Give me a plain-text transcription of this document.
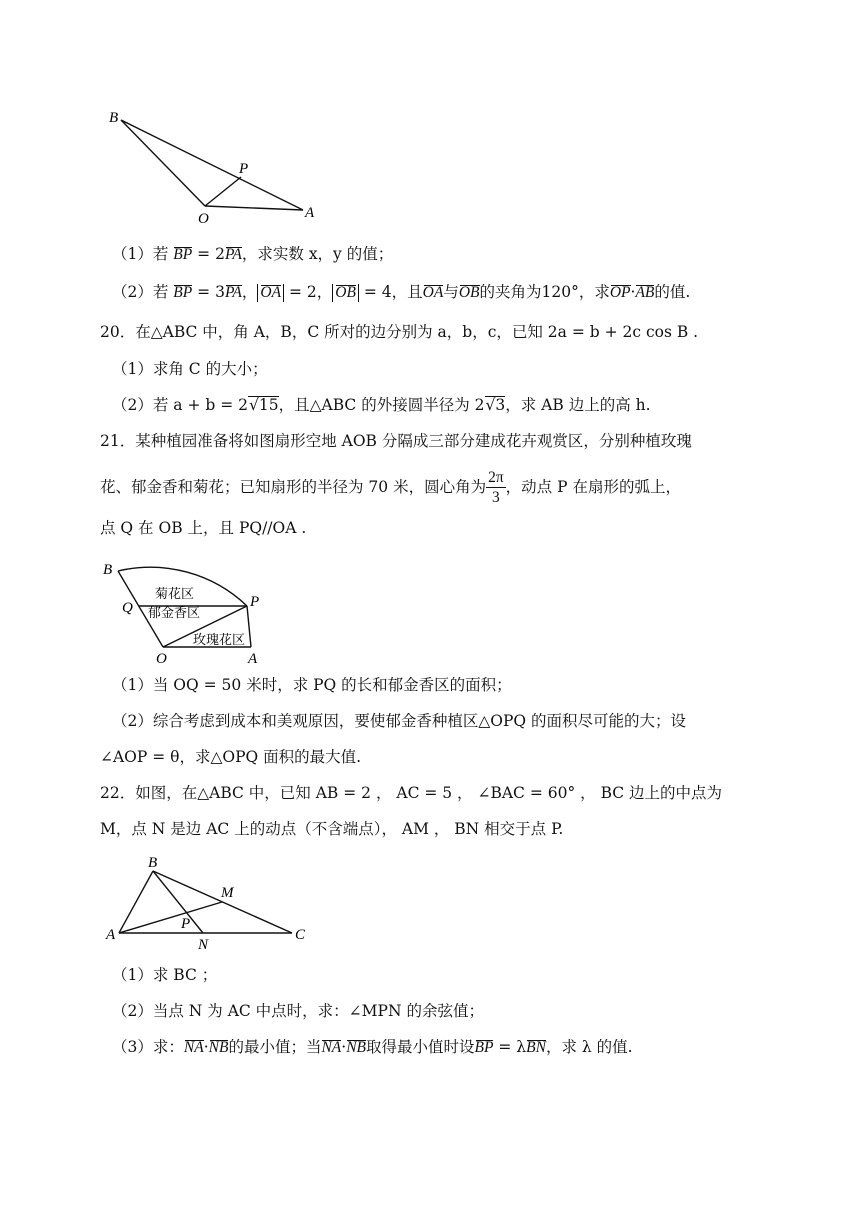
B
P
O	A
（1）若 BP = 2PA，求实数 x，y 的值；
（2）若 BP = 3PA， OA = 2， OB = 4，且OA与OB的夹角为120°，求OP·AB的值.
20．在△ABC 中，角 A，B，C 所对的边分别为 a，b，c，已知 2a = b + 2c cos B .
（1）求角 C 的大小；
（2）若 a + b = 2√15，且△ABC 的外接圆半径为 2√3，求 AB 边上的高 h.
21．某种植园准备将如图扇形空地 AOB 分隔成三部分建成花卉观赏区，分别种植玫瑰
花、郁金香和菊花；已知扇形的半径为 70 米，圆心角为 $\frac{2\pi}{3}$ ，动点 P 在扇形的弧上，
点 Q 在 OB 上，且 PQ//OA .
B
Q	P
O	A
菊花区
郁金香区
玫瑰花区
（1）当 OQ = 50 米时，求 PQ 的长和郁金香区的面积；
（2）综合考虑到成本和美观原因，要使郁金香种植区△OPQ 的面积尽可能的大；设
∠AOP = θ，求△OPQ 面积的最大值.
22．如图，在△ABC 中，已知 AB = 2 ， AC = 5 ， ∠BAC = 60° ， BC 边上的中点为
M，点 N 是边 AC 上的动点（不含端点）， AM ， BN 相交于点 P.
B
M
P
A
N
C
（1）求 BC ；
（2）当点 N 为 AC 中点时，求：∠MPN 的余弦值；
（3）求：NA·NB的最小值；当NA·NB取得最小值时设BP = λBN，求 λ 的值.
